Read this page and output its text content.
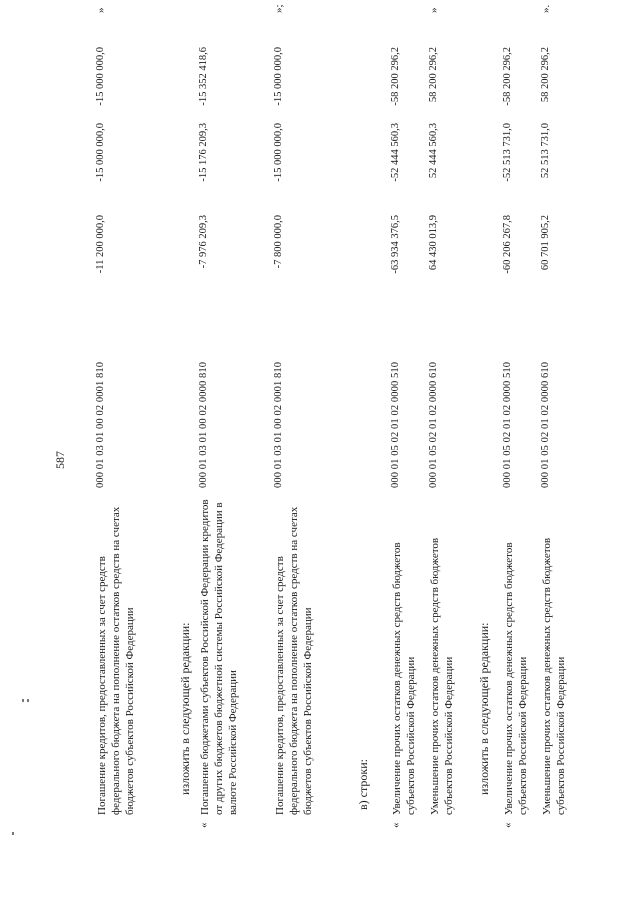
587
Погашение кредитов, предоставленных за счет средств федерального бюджета на пополнение остатков средств на счетах бюджетов субъектов Российской Федерации
000 01 03 01 00 02 0001 810
-11 200 000,0
-15 000 000,0
-15 000 000,0
»
изложить в следующей редакции:
«
Погашение бюджетами субъектов Российской Федерации кредитов от других бюджетов бюджетной системы Российской Федерации в валюте Российской Федерации
000 01 03 01 00 02 0000 810
-7 976 209,3
-15 176 209,3
-15 352 418,6
Погашение кредитов, предоставленных за счет средств федерального бюджета на пополнение остатков средств на счетах бюджетов субъектов Российской Федерации
000 01 03 01 00 02 0001 810
-7 800 000,0
-15 000 000,0
-15 000 000,0
»;
в) строки:
«
Увеличение прочих остатков денежных средств бюджетов субъектов Российской Федерации
000 01 05 02 01 02 0000 510
-63 934 376,5
-52 444 560,3
-58 200 296,2
Уменьшение прочих остатков денежных средств бюджетов субъектов Российской Федерации
000 01 05 02 01 02 0000 610
64 430 013,9
52 444 560,3
58 200 296,2
»
изложить в следующей редакции:
«
Увеличение прочих остатков денежных средств бюджетов субъектов Российской Федерации
000 01 05 02 01 02 0000 510
-60 206 267,8
-52 513 731,0
-58 200 296,2
Уменьшение прочих остатков денежных средств бюджетов субъектов Российской Федерации
000 01 05 02 01 02 0000 610
60 701 905,2
52 513 731,0
58 200 296,2
».
